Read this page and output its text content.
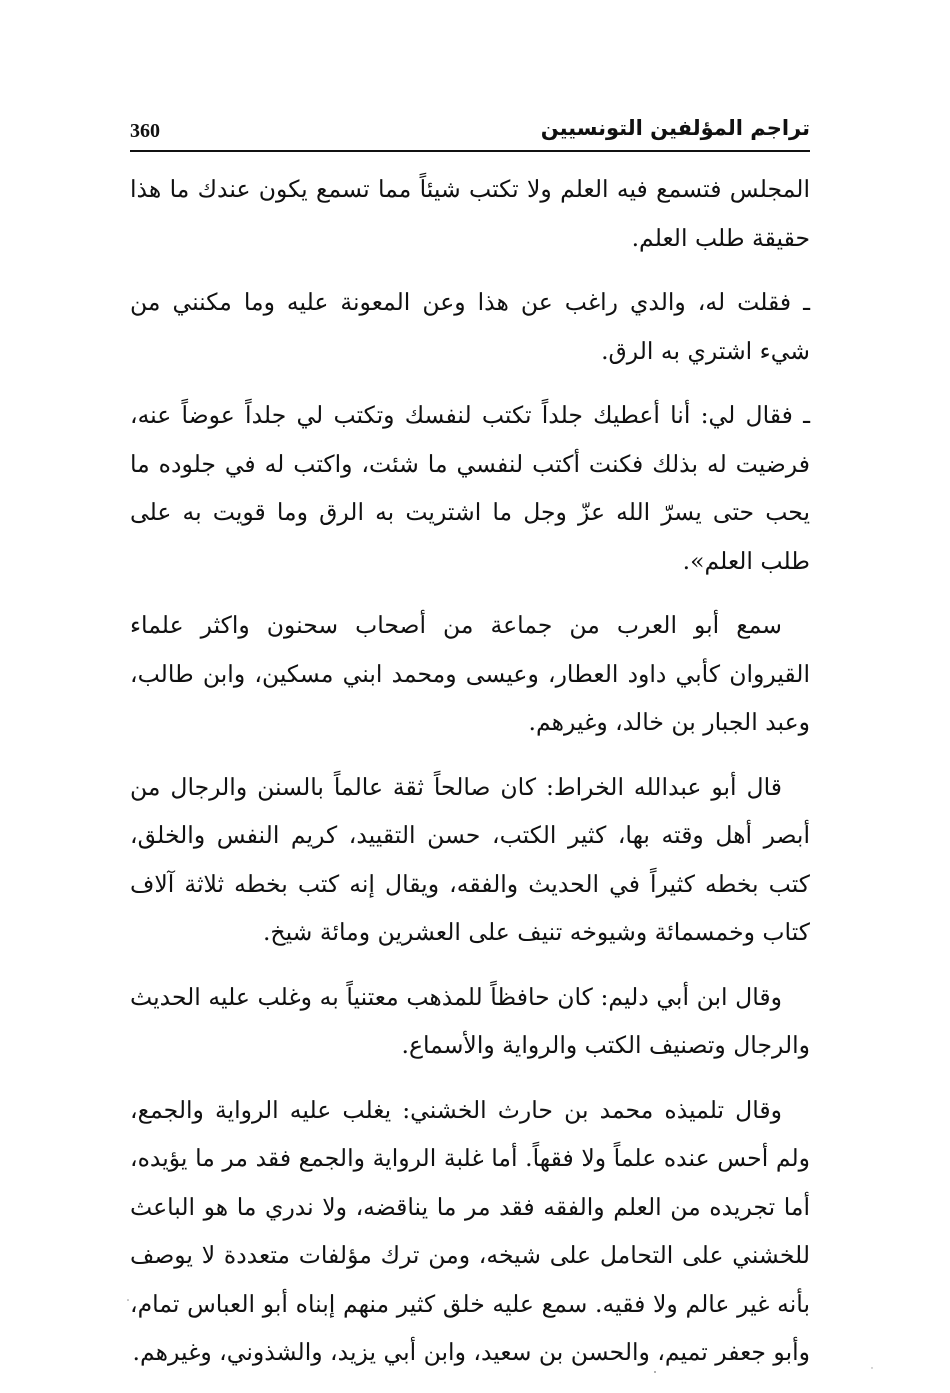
تراجم المؤلفين التونسيين
360

المجلس فتسمع فيه العلم ولا تكتب شيئاً مما تسمع يكون عندك ما هذا حقيقة طلب العلم.

ـ فقلت له، والدي راغب عن هذا وعن المعونة عليه وما مكنني من شيء اشتري به الرق.

ـ فقال لي: أنا أعطيك جلداً تكتب لنفسك وتكتب لي جلداً عوضاً عنه، فرضيت له بذلك فكنت أكتب لنفسي ما شئت، واكتب له في جلوده ما يحب حتى يسرّ الله عزّ وجل ما اشتريت به الرق وما قويت به على طلب العلم».

سمع أبو العرب من جماعة من أصحاب سحنون واكثر علماء القيروان كأبي داود العطار، وعيسى ومحمد ابني مسكين، وابن طالب، وعبد الجبار بن خالد، وغيرهم.

قال أبو عبدالله الخراط: كان صالحاً ثقة عالماً بالسنن والرجال من أبصر أهل وقته بها، كثير الكتب، حسن التقييد، كريم النفس والخلق، كتب بخطه كثيراً في الحديث والفقه، ويقال إنه كتب بخطه ثلاثة آلاف كتاب وخمسمائة وشيوخه تنيف على العشرين ومائة شيخ.

وقال ابن أبي دليم: كان حافظاً للمذهب معتنياً به وغلب عليه الحديث والرجال وتصنيف الكتب والرواية والأسماع.

وقال تلميذه محمد بن حارث الخشني: يغلب عليه الرواية والجمع، ولم أحس عنده علماً ولا فقهاً. أما غلبة الرواية والجمع فقد مر ما يؤيده، أما تجريده من العلم والفقه فقد مر ما يناقضه، ولا ندري ما هو الباعث للخشني على التحامل على شيخه، ومن ترك مؤلفات متعددة لا يوصف بأنه غير عالم ولا فقيه. سمع عليه خلق كثير منهم إبناه أبو العباس تمام، وأبو جعفر تميم، والحسن بن سعيد، وابن أبي يزيد، والشذوني، وغيرهم.
